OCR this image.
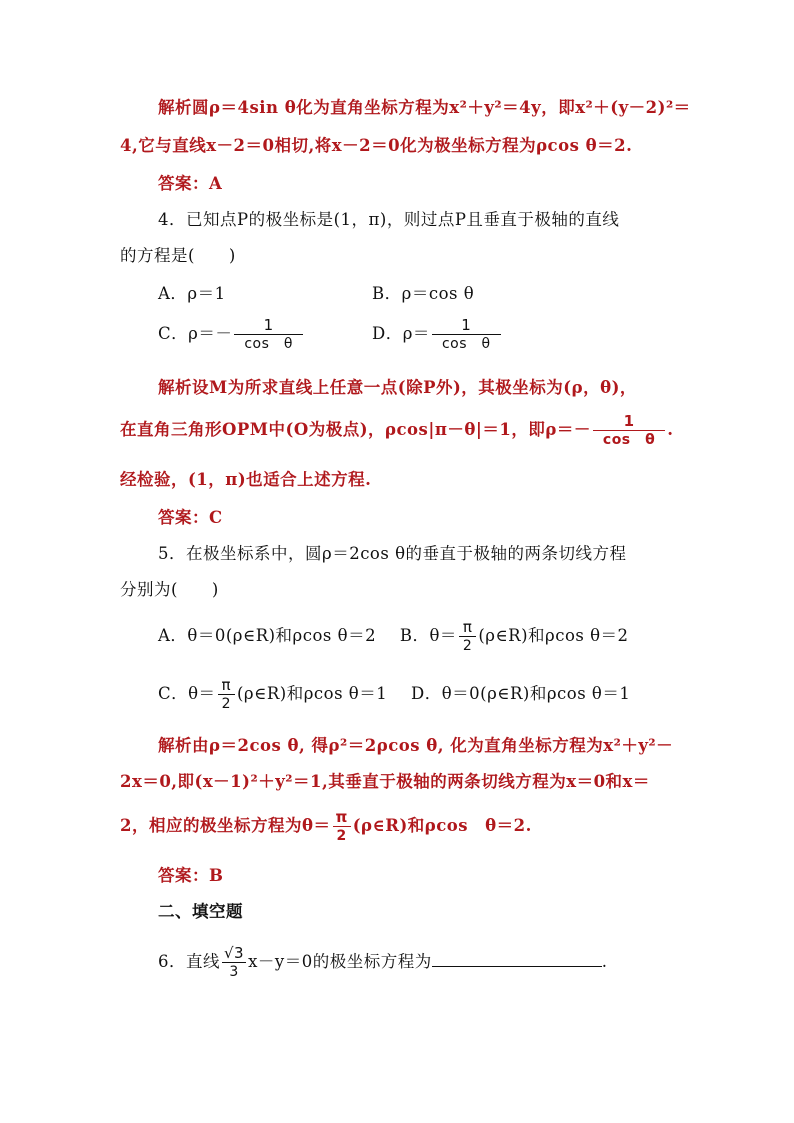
解析圆ρ＝4sin θ化为直角坐标方程为x²＋y²＝4y，即x²＋(y－2)²＝
4,它与直线x－2＝0相切,将x－2＝0化为极坐标方程为ρcos θ＝2.
答案：A
4．已知点P的极坐标是(1，π)，则过点P且垂直于极轴的直线
的方程是(　　)
A．ρ＝1	B．ρ＝cos θ
C．$\rho=- \frac{1}{\text{cos　θ}}$	D．$\rho= \frac{1}{\text{cos　θ}}$
解析设M为所求直线上任意一点(除P外)，其极坐标为(ρ，θ)，
在直角三角形OPM中(O为极点)，ρcos|π－θ|＝1，即$\rho=- \frac{1}{\text{cos　θ}}$ .
经检验，(1，π)也适合上述方程.
答案：C
5．在极坐标系中，圆ρ＝2cos θ的垂直于极轴的两条切线方程
分别为(　　)
A．θ＝0(ρ∈R)和ρcos θ＝2 B．$\theta= \frac{\pi}{2}$ (ρ∈R)和ρcos θ＝2
C．$\theta= \frac{\pi}{2}$ (ρ∈R)和ρcos θ＝1 D．θ＝0(ρ∈R)和ρcos θ＝1
解析由ρ＝2cos θ, 得ρ²＝2ρcos θ, 化为直角坐标方程为x²＋y²－
2x＝0,即(x－1)²＋y²＝1,其垂直于极轴的两条切线方程为x＝0和x＝
2，相应的极坐标方程为$\theta= \frac{\pi}{2}$ (ρ∈R)和ρcos　θ＝2.
答案：B
二、填空题
6．直线 $\frac{√3}{3} x-y=0$的极坐标方程为	.
